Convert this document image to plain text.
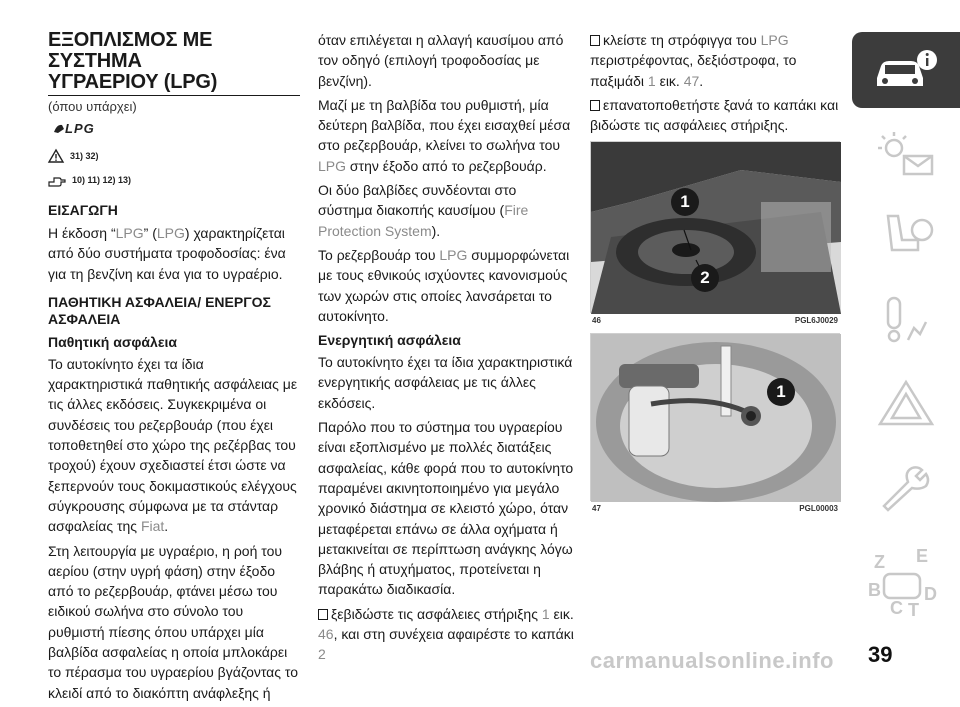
ΕΞΟΠΛΙΣΜΟΣ ΜΕ ΣΥΣΤΗΜΑ
ΥΓΡΑΕΡΙΟΥ (LPG)
(όπου υπάρχει)
LPG
31) 32)
10) 11) 12) 13)
ΕΙΣΑΓΩΓΗ

Η έκδοση “LPG” (LPG) χαρακτηρίζεται από δύο συστήματα τροφοδοσίας: ένα για τη βενζίνη και ένα για το υγραέριο.

ΠΑΘΗΤΙΚΗ ΑΣΦΑΛΕΙΑ/ ΕΝΕΡΓΟΣ ΑΣΦΑΛΕΙΑ
Παθητική ασφάλεια

Το αυτοκίνητο έχει τα ίδια χαρακτηριστικά παθητικής ασφάλειας με τις άλλες εκδόσεις. Συγκεκριμένα οι συνδέσεις του ρεζερβουάρ (που έχει τοποθετηθεί στο χώρο της ρεζέρβας του τροχού) έχουν σχεδιαστεί έτσι ώστε να ξεπερνούν τους δοκιμαστικούς ελέγχους σύγκρουσης σύμφωνα με τα στάνταρ ασφαλείας της Fiat.

Στη λειτουργία με υγραέριο, η ροή του αερίου (στην υγρή φάση) στην έξοδο από το ρεζερβουάρ, φτάνει μέσω του ειδικού σωλήνα στο σύνολο του ρυθμιστή πίεσης όπου υπάρχει μία βαλβίδα ασφαλείας η οποία μπλοκάρει το πέρασμα του υγραερίου βγάζοντας το κλειδί από το διακόπτη ανάφλεξης ή

όταν επιλέγεται η αλλαγή καυσίμου από τον οδηγό (επιλογή τροφοδοσίας με βενζίνη).

Μαζί με τη βαλβίδα του ρυθμιστή, μία δεύτερη βαλβίδα, που έχει εισαχθεί μέσα στο ρεζερβουάρ, κλείνει το σωλήνα του LPG στην έξοδο από το ρεζερβουάρ.

Οι δύο βαλβίδες συνδέονται στο σύστημα διακοπής καυσίμου (Fire Protection System).

Το ρεζερβουάρ του LPG συμμορφώνεται με τους εθνικούς ισχύοντες κανονισμούς των χωρών στις οποίες λανσάρεται το αυτοκίνητο.

Ενεργητική ασφάλεια

Το αυτοκίνητο έχει τα ίδια χαρακτηριστικά ενεργητικής ασφάλειας με τις άλλες εκδόσεις.

Παρόλο που το σύστημα του υγραερίου είναι εξοπλισμένο με πολλές διατάξεις ασφαλείας, κάθε φορά που το αυτοκίνητο παραμένει ακινητοποιημένο για μεγάλο χρονικό διάστημα σε κλειστό χώρο, όταν μεταφέρεται επάνω σε άλλα οχήματα ή μετακινείται σε περίπτωση ανάγκης λόγω βλάβης ή ατυχήματος, προτείνεται η παρακάτω διαδικασία.

ξεβιδώστε τις ασφάλειες στήριξης 1 εικ. 46, και στη συνέχεια αφαιρέστε το καπάκι 2

κλείστε τη στρόφιγγα του LPG περιστρέφοντας, δεξιόστροφα, το παξιμάδι 1 εικ. 47.

επανατοποθετήστε ξανά το καπάκι και βιδώστε τις ασφάλειες στήριξης.

1
2
46	PGL6J0029
1
47	PGL00003
Z E
B
C T
D
carmanualsonline.info 39
